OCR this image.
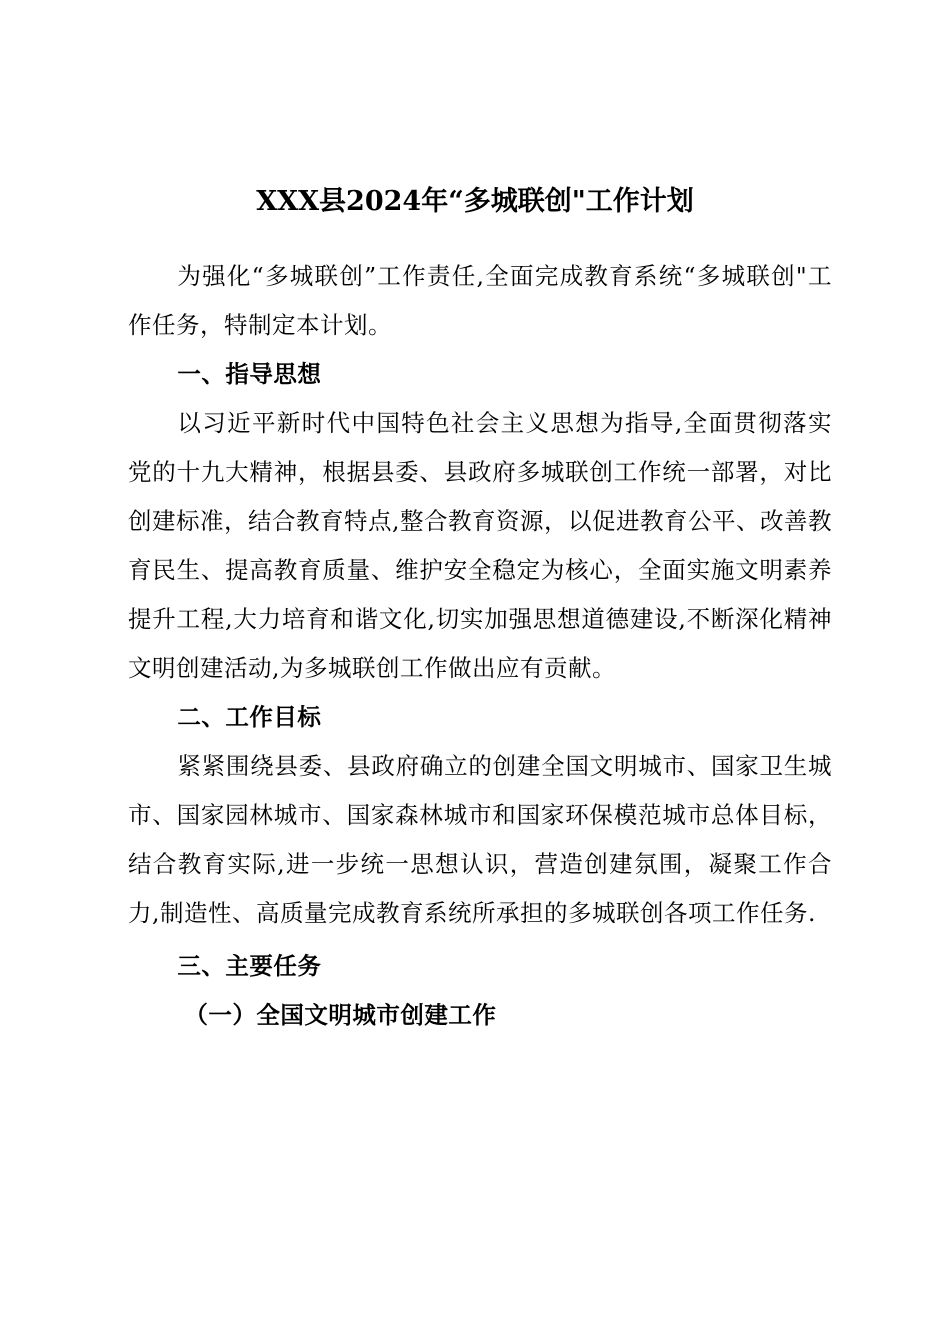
XXX县2024年“多城联创"工作计划

为强化“多城联创”工作责任,全面完成教育系统“多城联创"工作任务，特制定本计划。

一、指导思想

以习近平新时代中国特色社会主义思想为指导,全面贯彻落实党的十九大精神，根据县委、县政府多城联创工作统一部署，对比创建标准，结合教育特点,整合教育资源，以促进教育公平、改善教育民生、提高教育质量、维护安全稳定为核心，全面实施文明素养提升工程,大力培育和谐文化,切实加强思想道德建设,不断深化精神文明创建活动,为多城联创工作做出应有贡献。

二、工作目标

紧紧围绕县委、县政府确立的创建全国文明城市、国家卫生城市、国家园林城市、国家森林城市和国家环保模范城市总体目标，结合教育实际,进一步统一思想认识，营造创建氛围，凝聚工作合力,制造性、高质量完成教育系统所承担的多城联创各项工作任务.

三、主要任务

（一）全国文明城市创建工作
